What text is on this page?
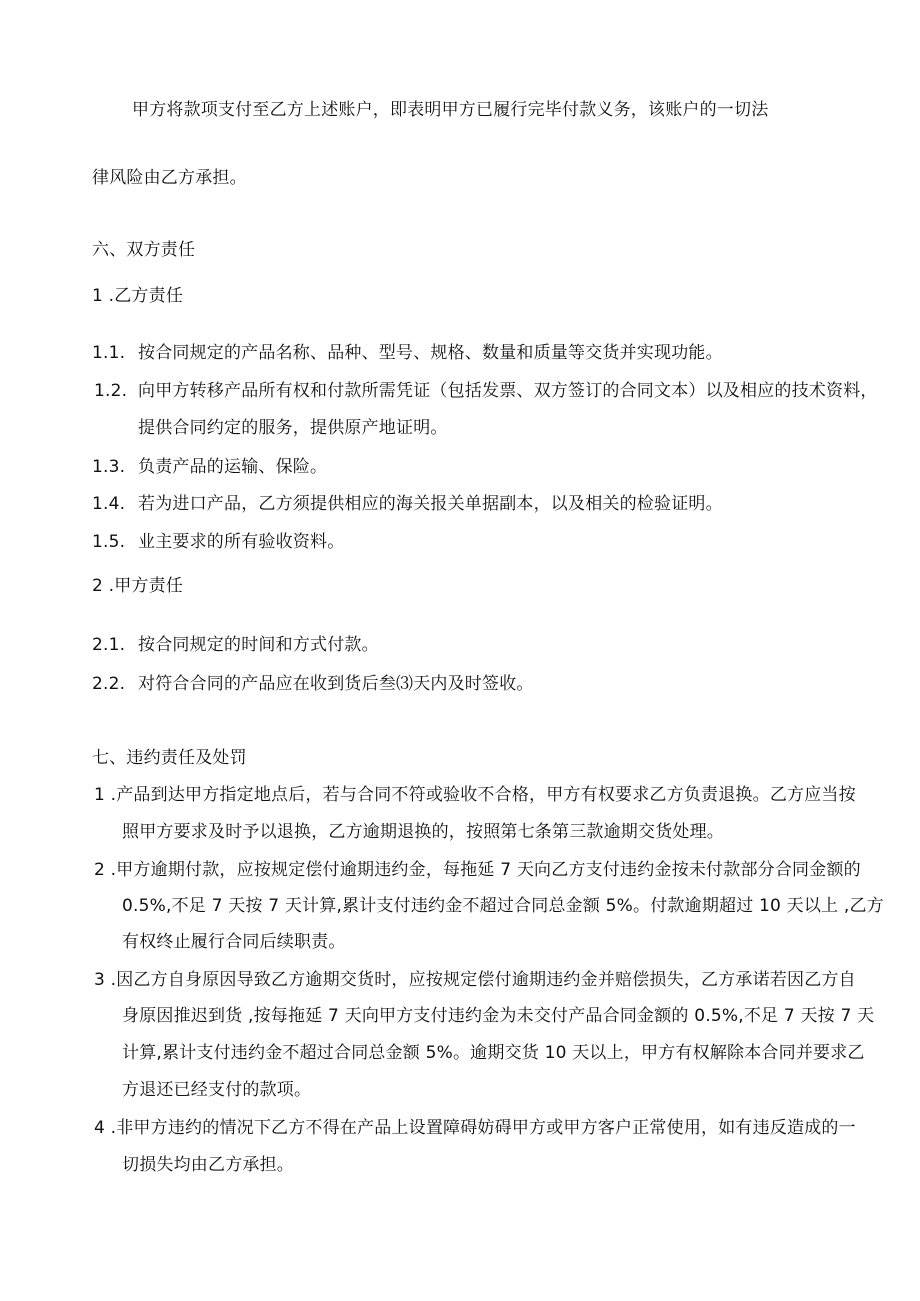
甲方将款项支付至乙方上述账户，即表明甲方已履行完毕付款义务，该账户的一切法
律风险由乙方承担。
六、双方责任
1 .乙方责任
1.1. 按合同规定的产品名称、品种、型号、规格、数量和质量等交货并实现功能。
1.2. 向甲方转移产品所有权和付款所需凭证（包括发票、双方签订的合同文本）以及相应的技术资料，
提供合同约定的服务，提供原产地证明。
1.3. 负责产品的运输、保险。
1.4. 若为进口产品，乙方须提供相应的海关报关单据副本，以及相关的检验证明。
1.5. 业主要求的所有验收资料。
2 .甲方责任
2.1. 按合同规定的时间和方式付款。
2.2. 对符合合同的产品应在收到货后叁⑶天内及时签收。
七、违约责任及处罚
1 .产品到达甲方指定地点后，若与合同不符或验收不合格，甲方有权要求乙方负责退换。乙方应当按
照甲方要求及时予以退换，乙方逾期退换的，按照第七条第三款逾期交货处理。
2 .甲方逾期付款，应按规定偿付逾期违约金，每拖延 7 天向乙方支付违约金按未付款部分合同金额的
0.5%,不足 7 天按 7 天计算,累计支付违约金不超过合同总金额 5%。付款逾期超过 10 天以上 ,乙方
有权终止履行合同后续职责。
3 .因乙方自身原因导致乙方逾期交货时，应按规定偿付逾期违约金并赔偿损失，乙方承诺若因乙方自
身原因推迟到货 ,按每拖延 7 天向甲方支付违约金为未交付产品合同金额的 0.5%,不足 7 天按 7 天
计算,累计支付违约金不超过合同总金额 5%。逾期交货 10 天以上，甲方有权解除本合同并要求乙
方退还已经支付的款项。
4 .非甲方违约的情况下乙方不得在产品上设置障碍妨碍甲方或甲方客户正常使用，如有违反造成的一
切损失均由乙方承担。
